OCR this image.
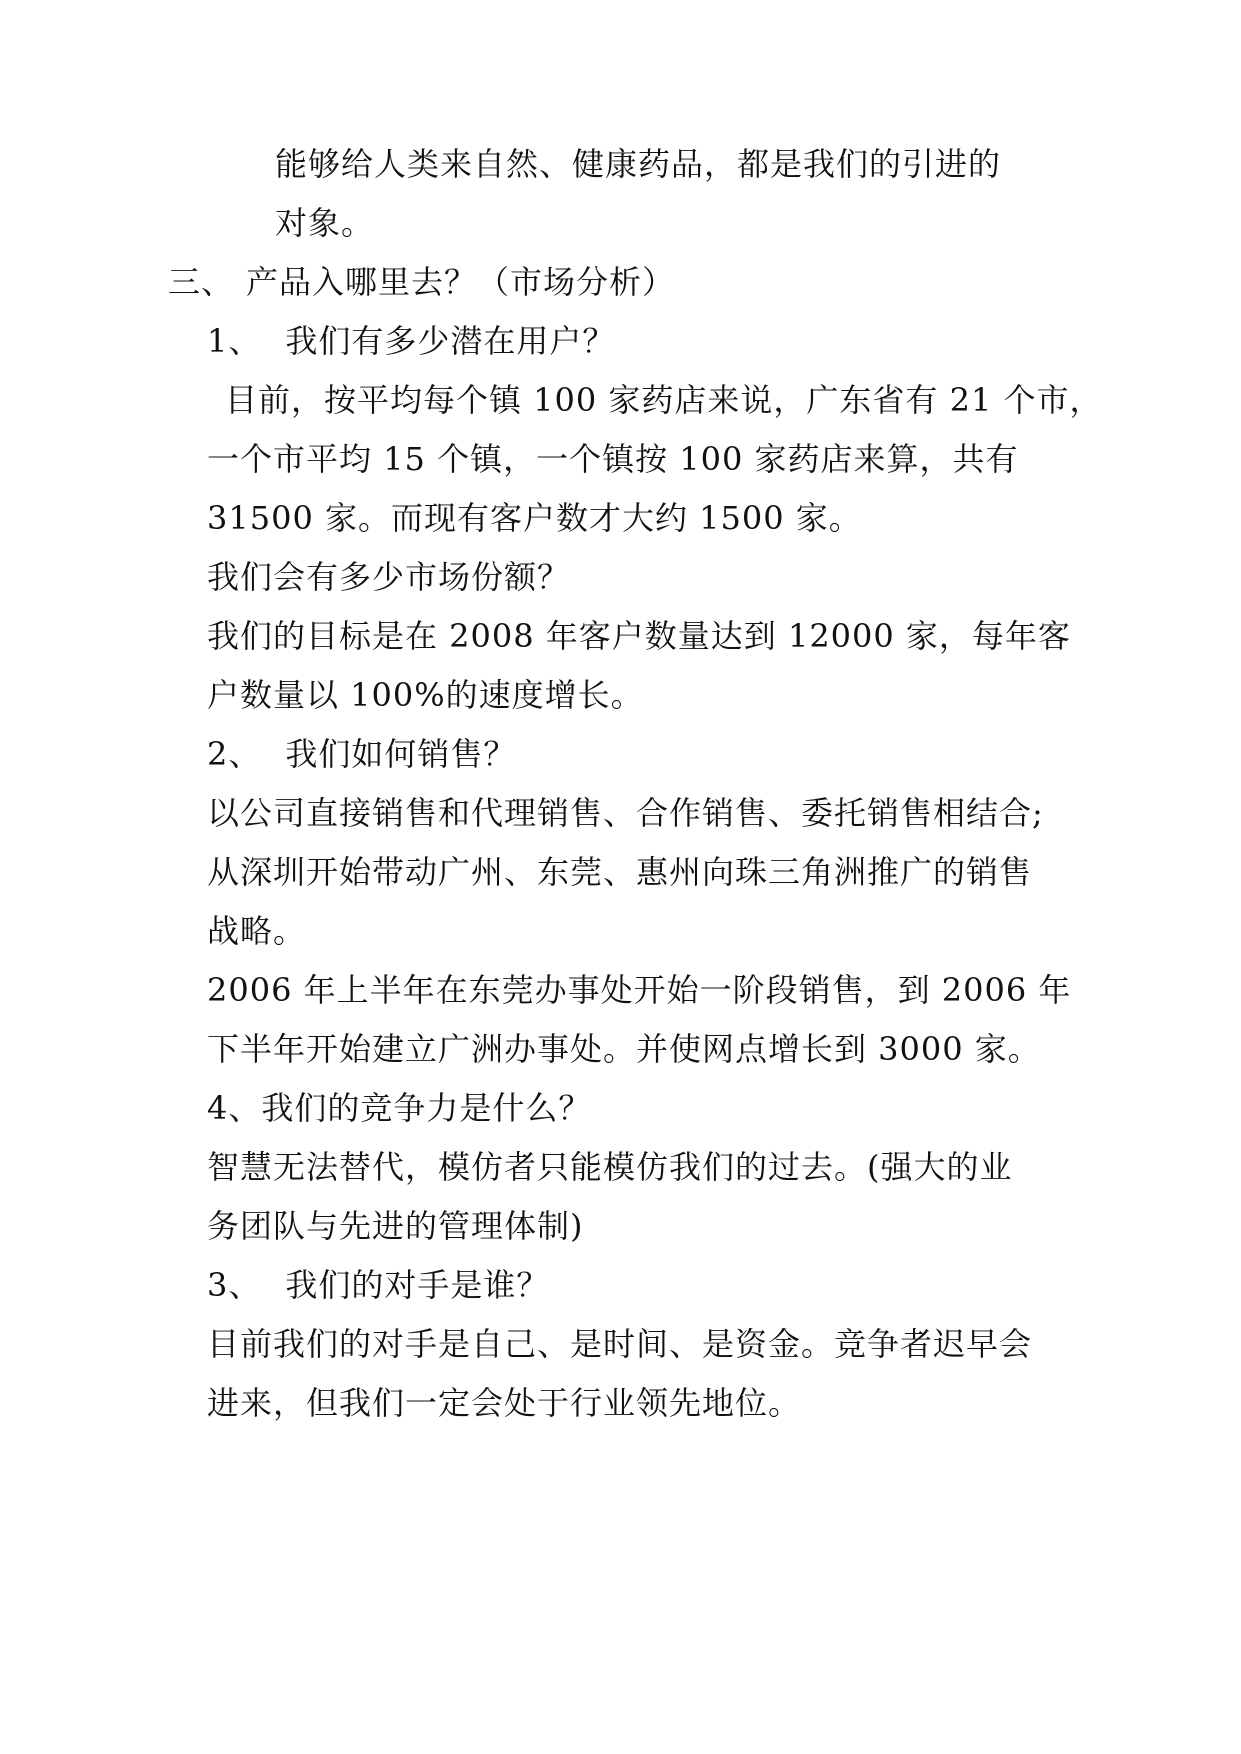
能够给人类来自然、健康药品，都是我们的引进的
对象。
三、 产品入哪里去？（市场分析）
1、 我们有多少潜在用户？
目前，按平均每个镇 100 家药店来说，广东省有 21 个市，
一个市平均 15 个镇，一个镇按 100 家药店来算，共有
31500 家。而现有客户数才大约 1500 家。
我们会有多少市场份额？
我们的目标是在 2008 年客户数量达到 12000 家，每年客
户数量以 100%的速度增长。
2、 我们如何销售？
以公司直接销售和代理销售、合作销售、委托销售相结合;
从深圳开始带动广州、东莞、惠州向珠三角洲推广的销售
战略。
2006 年上半年在东莞办事处开始一阶段销售，到 2006 年
下半年开始建立广洲办事处。并使网点增长到 3000 家。
4、我们的竞争力是什么？
智慧无法替代，模仿者只能模仿我们的过去。(强大的业
务团队与先进的管理体制)
3、 我们的对手是谁？
目前我们的对手是自己、是时间、是资金。竞争者迟早会
进来，但我们一定会处于行业领先地位。
